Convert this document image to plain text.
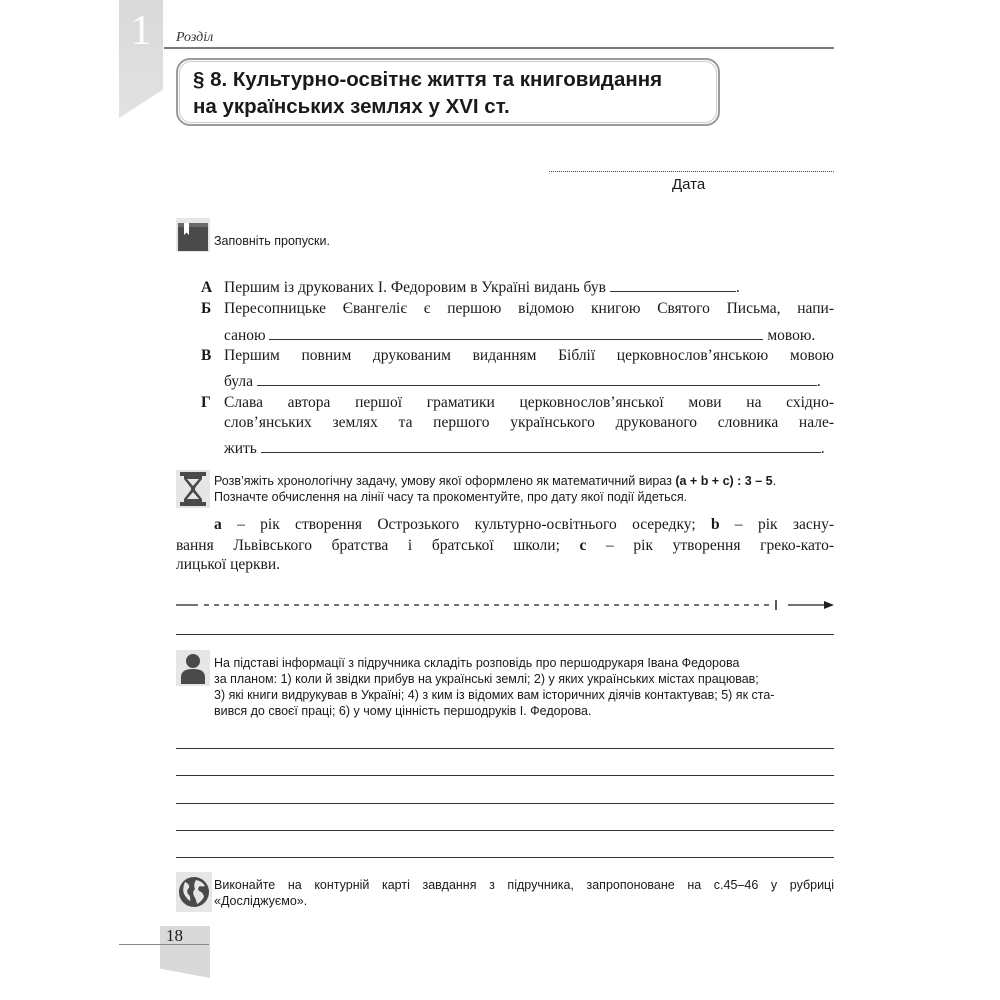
1	Розділ
§ 8. Культурно-освітнє життя та книговидання
на українських землях у XVI ст.
Дата
Заповніть пропуски.
А Першим із друкованих І. Федоровим в Україні видань був	.
Б Пересопницьке Євангеліє є першою відомою книгою Святого Письма, напи-
саною	мовою.
В Першим повним друкованим виданням Біблії церковнослов’янською мовою
була	.
Г Слава автора першої граматики церковнослов’янської мови на східно-
слов’янських землях та першого українського друкованого словника нале-
жить	.
Розв’яжіть хронологічну задачу, умову якої оформлено як математичний вираз (a + b + c) : 3 – 5.
Позначте обчислення на лінії часу та прокоментуйте, про дату якої події йдеться.
a – рік створення Острозького культурно-освітнього осередку; b – рік засну-
вання Львівського братства і братської школи; c – рік утворення греко-като-
лицької церкви.
На підставі інформації з підручника складіть розповідь про першодрукаря Івана Федорова
за планом: 1) коли й звідки прибув на українські землі; 2) у яких українських містах працював;
3) які книги видрукував в Україні; 4) з ким із відомих вам історичних діячів контактував; 5) як ста-
вився до своєї праці; 6) у чому цінність першодруків І. Федорова.
Виконайте на контурній карті завдання з підручника, запропоноване на с.45–46 у рубриці
«Досліджуємо».
18
